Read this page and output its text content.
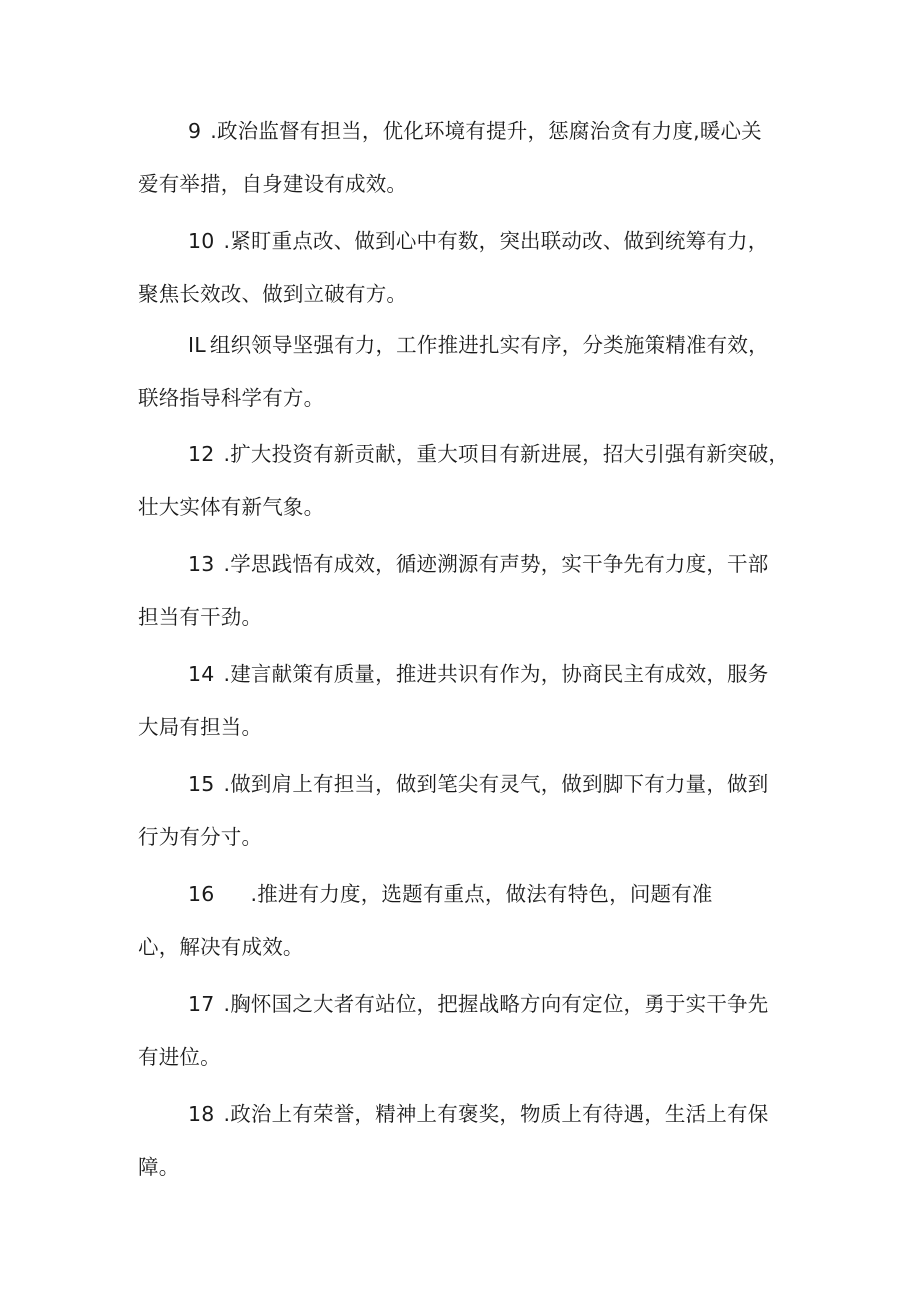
9 .政治监督有担当，优化环境有提升，惩腐治贪有力度,暖心关
爱有举措，自身建设有成效。
10 .紧盯重点改、做到心中有数，突出联动改、做到统筹有力，
聚焦长效改、做到立破有方。
IL 组织领导坚强有力，工作推进扎实有序，分类施策精准有效，
联络指导科学有方。
12 .扩大投资有新贡献，重大项目有新进展，招大引强有新突破，
壮大实体有新气象。
13 .学思践悟有成效，循迹溯源有声势，实干争先有力度，干部
担当有干劲。
14 .建言献策有质量，推进共识有作为，协商民主有成效，服务
大局有担当。
15 .做到肩上有担当，做到笔尖有灵气，做到脚下有力量，做到
行为有分寸。
16 .推进有力度，选题有重点，做法有特色，问题有准
心，解决有成效。
17 .胸怀国之大者有站位，把握战略方向有定位，勇于实干争先
有进位。
18 .政治上有荣誉，精神上有褒奖，物质上有待遇，生活上有保
障。
